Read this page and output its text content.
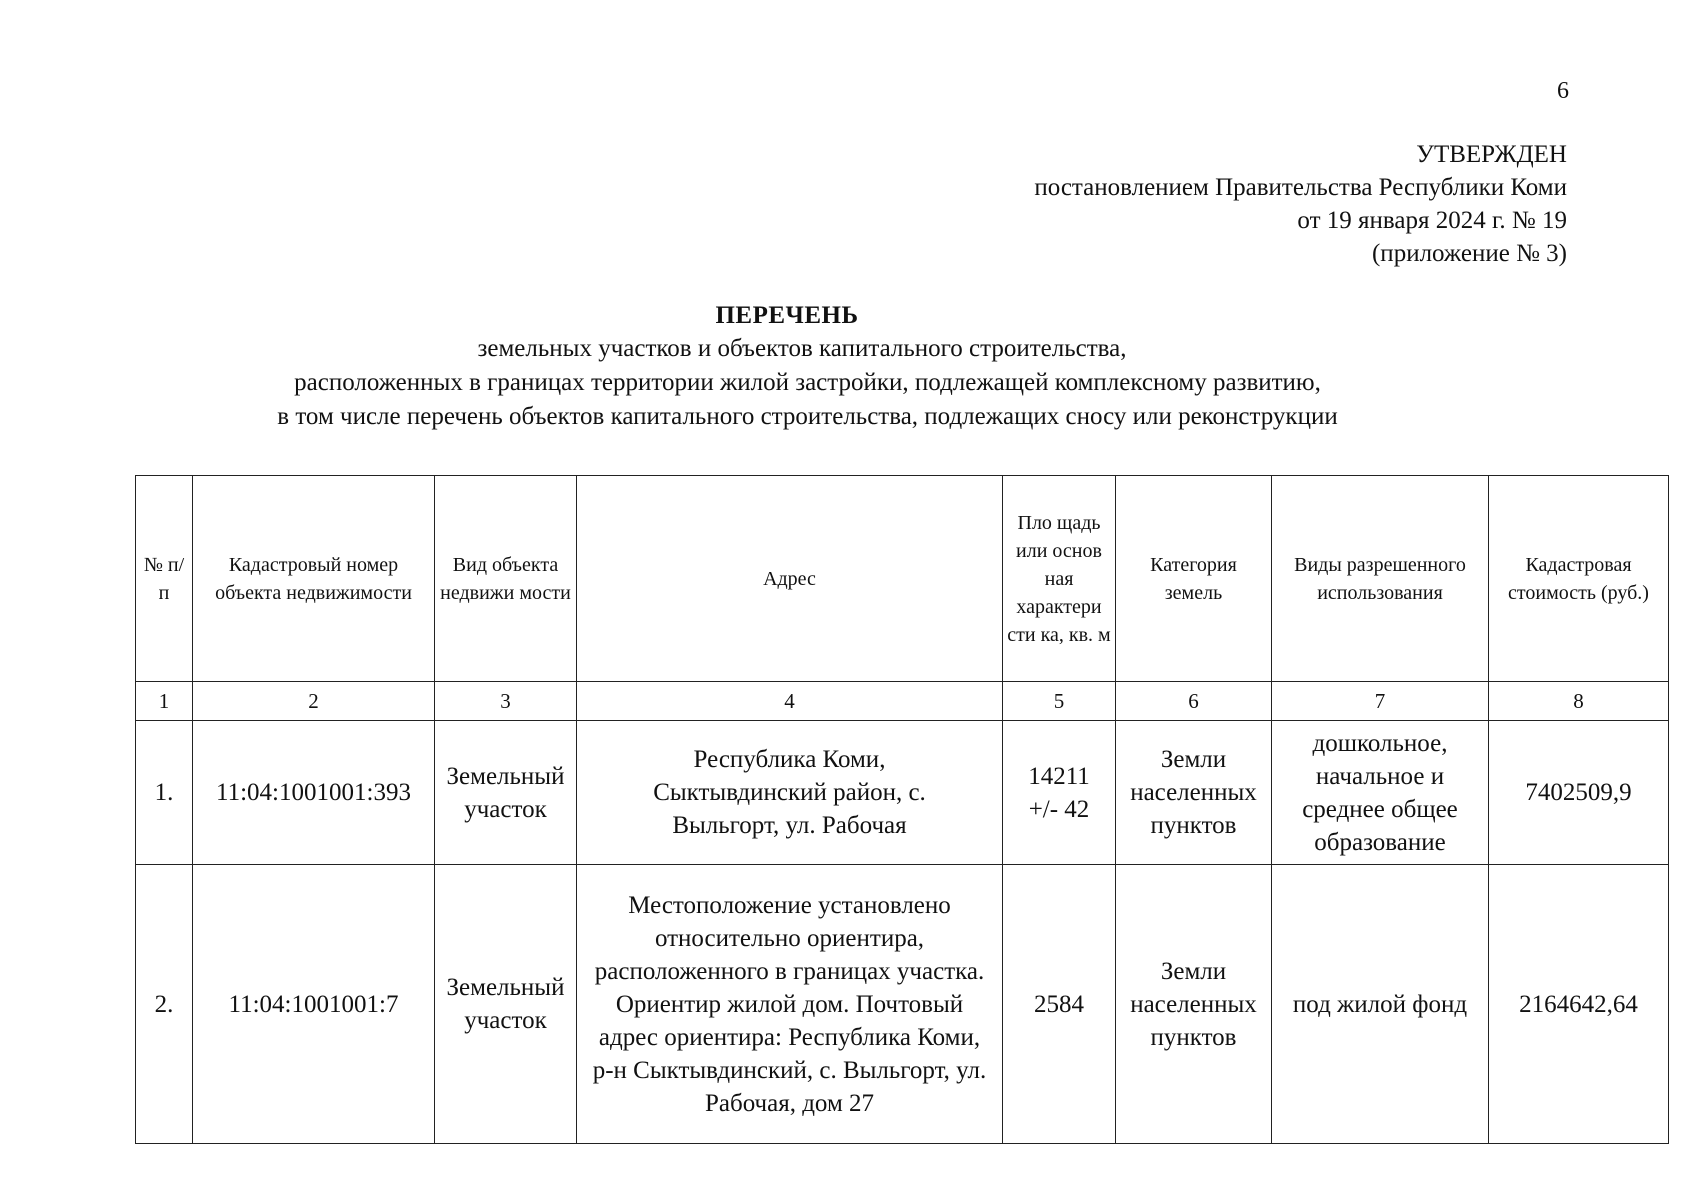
6
УТВЕРЖДЕН
постановлением Правительства Республики Коми
от 19 января 2024 г. № 19
(приложение № 3)
ПЕРЕЧЕНЬ
земельных участков и объектов капитального строительства,
расположенных в границах территории жилой застройки, подлежащей комплексному развитию,
в том числе перечень объектов капитального строительства, подлежащих сносу или реконструкции
№ п/п	Кадастровый номер объекта недвижимости	Вид объекта недвижи мости	Адрес	Пло щадь или основ ная характери сти ка, кв. м	Категория земель	Виды разрешенного использования	Кадастровая стоимость (руб.)
1	2	3	4	5	6	7	8
1.	11:04:1001001:393	Земельный участок	Республика Коми, Сыктывдинский район, с. Выльгорт, ул. Рабочая	14211 +/- 42	Земли населенных пунктов	дошкольное, начальное и среднее общее образование	7402509,9
2.	11:04:1001001:7	Земельный участок	Местоположение установлено относительно ориентира, расположенного в границах участка. Ориентир жилой дом. Почтовый адрес ориентира: Республика Коми, р-н Сыктывдинский, с. Выльгорт, ул. Рабочая, дом 27	2584	Земли населенных пунктов	под жилой фонд	2164642,64
